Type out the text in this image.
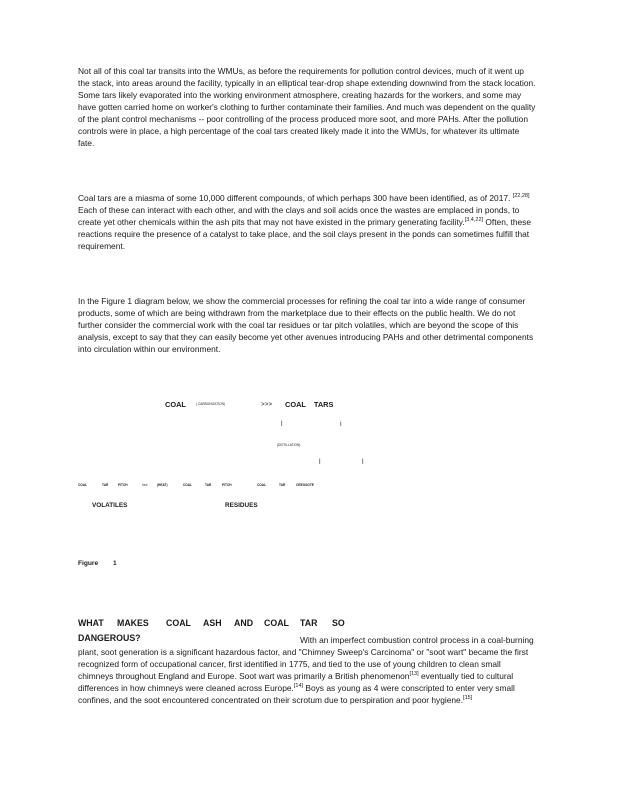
Not all of this coal tar transits into the WMUs, as before the requirements for pollution control devices, much of it went up the stack, into areas around the facility, typically in an elliptical tear-drop shape extending downwind from the stack location. Some tars likely evaporated into the working environment atmosphere, creating hazards for the workers, and some may have gotten carried home on worker's clothing to further contaminate their families. And much was dependent on the quality of the plant control mechanisms -- poor controlling of the process produced more soot, and more PAHs. After the pollution controls were in place, a high percentage of the coal tars created likely made it into the WMUs, for whatever its ultimate fate.

Coal tars are a miasma of some 10,000 different compounds, of which perhaps 300 have been identified, as of 2017. [22,28] Each of these can interact with each other, and with the clays and soil acids once the wastes are emplaced in ponds, to create yet other chemicals within the ash pits that may not have existed in the primary generating facility.[3,4,22] Often, these reactions require the presence of a catalyst to take place, and the soil clays present in the ponds can sometimes fulfill that requirement.

In the Figure 1 diagram below, we show the commercial processes for refining the coal tar into a wide range of consumer products, some of which are being withdrawn from the marketplace due to their effects on the public health. We do not further consider the commercial work with the coal tar residues or tar pitch volatiles, which are beyond the scope of this analysis, except to say that they can easily become yet other avenues introducing PAHs and other detrimental components into circulation within our environment.

COAL	( CARBONIZATION)	>>> COAL TARS
l	i
(DISTILLATION)
l	l
COAL	TAR	PITCH	<<<	(HEAT)	COAL	TAR	PITCH	COAL	TAR	CREOSOTE
VOLATILES	RESIDUES
Figure 1
WHAT MAKES COAL ASH AND COAL TAR SO
DANGEROUS?	With an imperfect combustion control process in a coal-burning plant, soot generation is a significant hazardous factor, and "Chimney Sweep's Carcinoma" or "soot wart" became the first recognized form of occupational cancer, first identified in 1775, and tied to the use of young children to clean small chimneys throughout England and Europe. Soot wart was primarily a British phenomenon[13] eventually tied to cultural differences in how chimneys were cleaned across Europe.[14] Boys as young as 4 were conscripted to enter very small confines, and the soot encountered concentrated on their scrotum due to perspiration and poor hygiene.[15]
